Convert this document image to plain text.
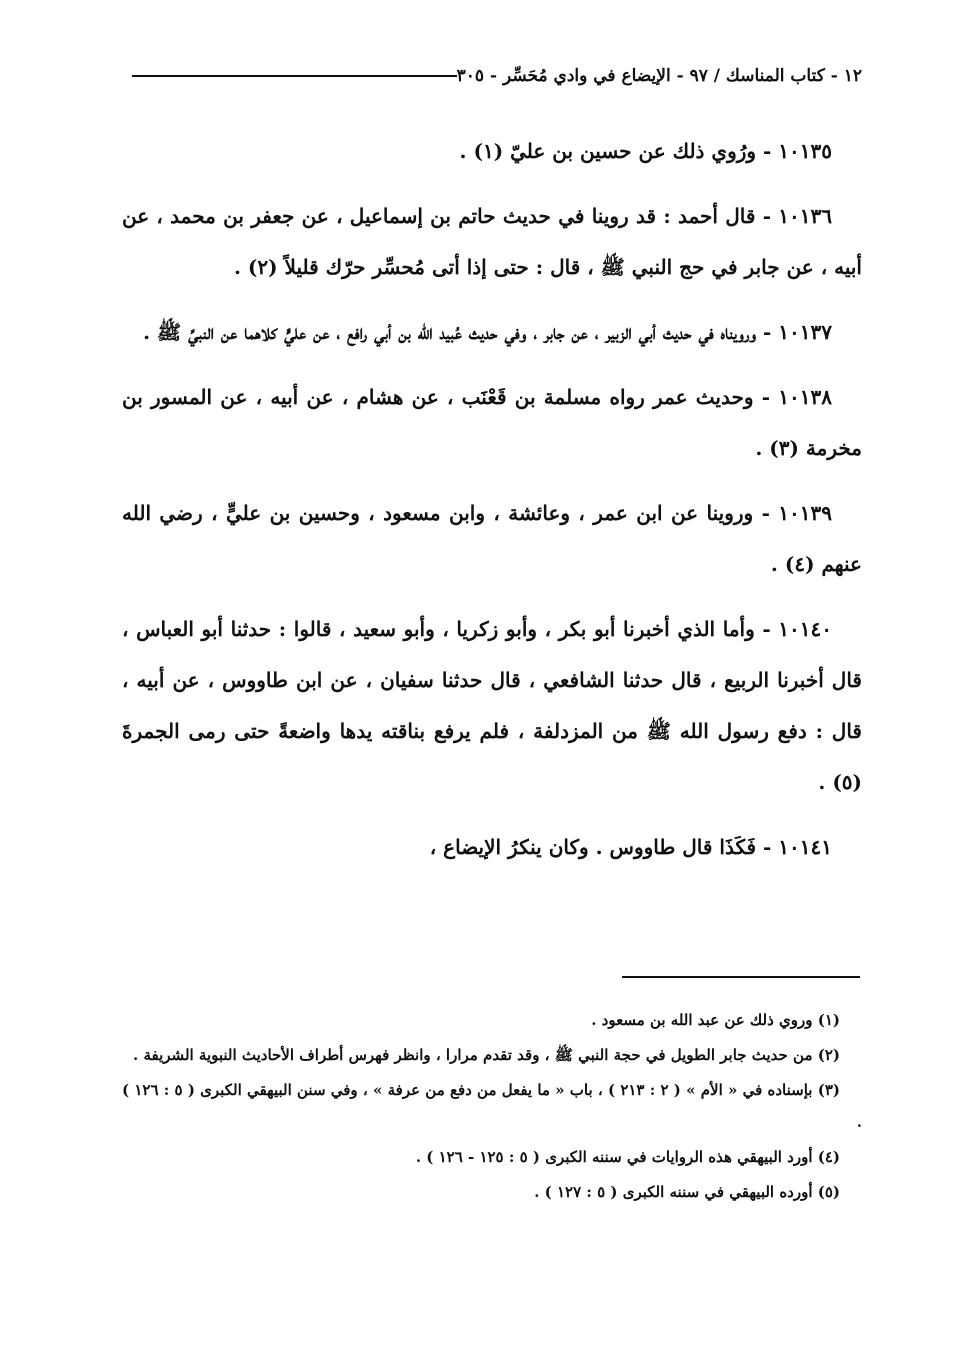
١٢ - كتاب المناسك / ٩٧ - الإيضاع في وادي مُحَسِّر - ٣٠٥

١٠١٣٥ - ورُوي ذلك عن حسين بن عليّ (١) .

١٠١٣٦ - قال أحمد : قد روينا في حديث حاتم بن إسماعيل ، عن جعفر بن محمد ، عن أبيه ، عن جابر في حج النبي ﷺ ، قال : حتى إذا أتى مُحسِّر حرّك قليلاً (٢) .

١٠١٣٧ - ورويناه في حديث أبي الزبير ، عن جابر ، وفي حديث عُبيد الله بن أبي رافع ، عن عليٍّ كلاهما عن النبيِّ ﷺ .

١٠١٣٨ - وحديث عمر رواه مسلمة بن قَعْنَب ، عن هشام ، عن أبيه ، عن المسور بن مخرمة (٣) .

١٠١٣٩ - وروينا عن ابن عمر ، وعائشة ، وابن مسعود ، وحسين بن عليٍّ ، رضي الله عنهم (٤) .

١٠١٤٠ - وأما الذي أخبرنا أبو بكر ، وأبو زكريا ، وأبو سعيد ، قالوا : حدثنا أبو العباس ، قال أخبرنا الربيع ، قال حدثنا الشافعي ، قال حدثنا سفيان ، عن ابن طاووس ، عن أبيه ، قال : دفع رسول الله ﷺ من المزدلفة ، فلم يرفع بناقته يدها واضعةً حتى رمى الجمرةَ (٥) .

١٠١٤١ - فَكَذَا قال طاووس . وكان ينكرُ الإيضاع ،

(١) وروي ذلك عن عبد الله بن مسعود .

(٢) من حديث جابر الطويل في حجة النبي ﷺ ، وقد تقدم مرارا ، وانظر فهرس أطراف الأحاديث النبوية الشريفة .

(٣) بإسناده في « الأم » ( ٢ : ٢١٣ ) ، باب « ما يفعل من دفع من عرفة » ، وفي سنن البيهقي الكبرى ( ٥ : ١٢٦ ) .

(٤) أورد البيهقي هذه الروايات في سننه الكبرى ( ٥ : ١٢٥ - ١٢٦ ) .

(٥) أورده البيهقي في سننه الكبرى ( ٥ : ١٢٧ ) .
